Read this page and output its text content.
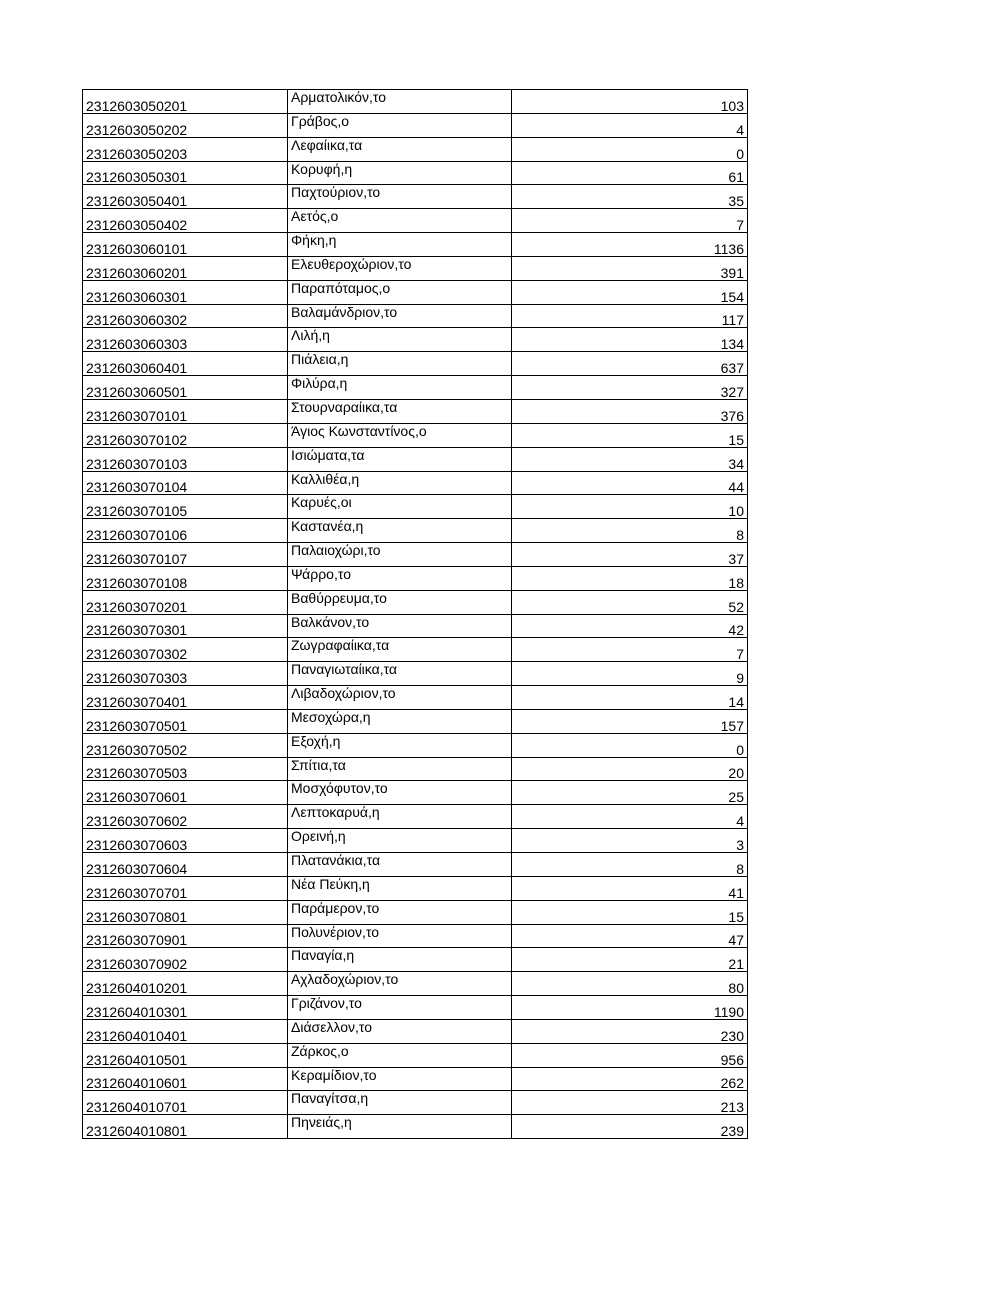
2312603050201	Αρματολικόν,το	103
2312603050202	Γράβος,ο	4
2312603050203	Λεφαίικα,τα	0
2312603050301	Κορυφή,η	61
2312603050401	Παχτούριον,το	35
2312603050402	Αετός,ο	7
2312603060101	Φήκη,η	1136
2312603060201	Ελευθεροχώριον,το	391
2312603060301	Παραπόταμος,ο	154
2312603060302	Βαλαμάνδριον,το	117
2312603060303	Λιλή,η	134
2312603060401	Πιάλεια,η	637
2312603060501	Φιλύρα,η	327
2312603070101	Στουρναραίικα,τα	376
2312603070102	Άγιος Κωνσταντίνος,ο	15
2312603070103	Ισιώματα,τα	34
2312603070104	Καλλιθέα,η	44
2312603070105	Καρυές,οι	10
2312603070106	Καστανέα,η	8
2312603070107	Παλαιοχώρι,το	37
2312603070108	Ψάρρο,το	18
2312603070201	Βαθύρρευμα,το	52
2312603070301	Βαλκάνον,το	42
2312603070302	Ζωγραφαίικα,τα	7
2312603070303	Παναγιωταίικα,τα	9
2312603070401	Λιβαδοχώριον,το	14
2312603070501	Μεσοχώρα,η	157
2312603070502	Εξοχή,η	0
2312603070503	Σπίτια,τα	20
2312603070601	Μοσχόφυτον,το	25
2312603070602	Λεπτοκαρυά,η	4
2312603070603	Ορεινή,η	3
2312603070604	Πλατανάκια,τα	8
2312603070701	Νέα Πεύκη,η	41
2312603070801	Παράμερον,το	15
2312603070901	Πολυνέριον,το	47
2312603070902	Παναγία,η	21
2312604010201	Αχλαδοχώριον,το	80
2312604010301	Γριζάνον,το	1190
2312604010401	Διάσελλον,το	230
2312604010501	Ζάρκος,ο	956
2312604010601	Κεραμίδιον,το	262
2312604010701	Παναγίτσα,η	213
2312604010801	Πηνειάς,η	239
